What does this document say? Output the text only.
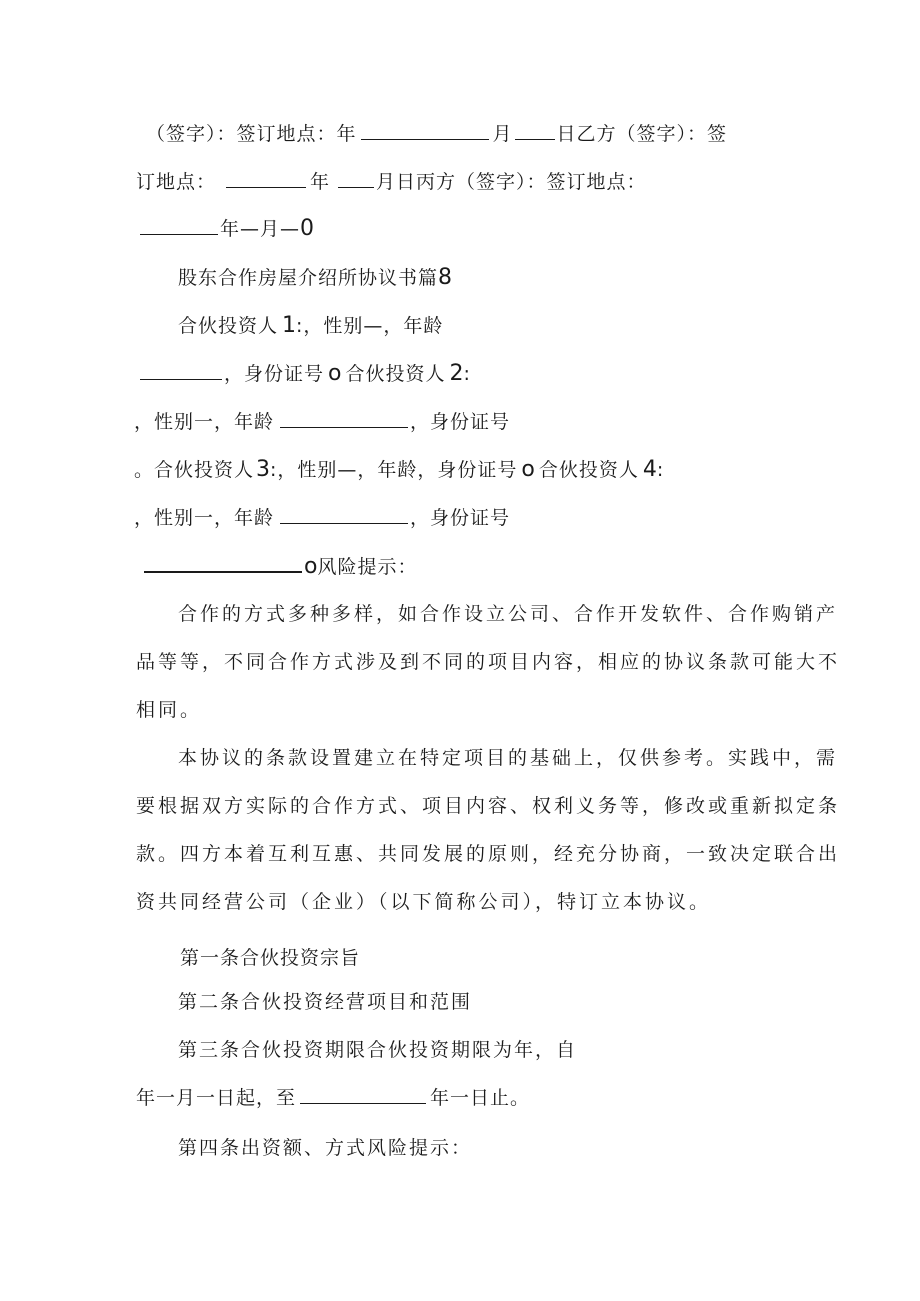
（签字）：签订地点：年	月 日乙方（签字）：签
订地点：	年 月日丙方（签字）：签订地点：
年—月—0
股东合作房屋介绍所协议书篇8
合伙投资人 1:，性别—，年龄
，身份证号 o 合伙投资人 2:
，性别一，年龄	，身份证号
。合伙投资人3:，性别—，年龄，身份证号 o 合伙投资人 4:
，性别一，年龄	，身份证号
o风险提示：
合作的方式多种多样，如合作设立公司、合作开发软件、合作购销产
品等等，不同合作方式涉及到不同的项目内容，相应的协议条款可能大不
相同。
本协议的条款设置建立在特定项目的基础上，仅供参考。实践中，需
要根据双方实际的合作方式、项目内容、权利义务等，修改或重新拟定条
款。四方本着互利互惠、共同发展的原则，经充分协商，一致决定联合出
资共同经营公司（企业）（以下简称公司），特订立本协议。
第一条合伙投资宗旨
第二条合伙投资经营项目和范围
第三条合伙投资期限合伙投资期限为年，自
年一月一日起，至	年一日止。
第四条出资额、方式风险提示：
